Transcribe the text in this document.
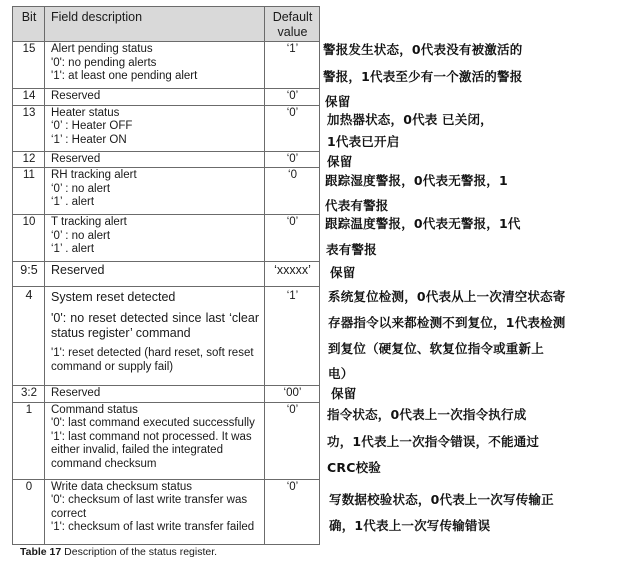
Bit	Field description	Default
value

15	Alert pending status
'0': no pending alerts
'1': at least one pending alert	‘1’
14	Reserved	‘0’
13	Heater status
‘0’ : Heater OFF
‘1’ : Heater ON	‘0’
12	Reserved	‘0’
11	RH tracking alert
‘0’ : no alert
‘1’ . alert	‘0
10	T tracking alert
‘0’ : no alert
‘1’ . alert	‘0’
9:5	Reserved	‘xxxxx’
4	System reset detected
'0': no reset detected since last ‘clear status register’ command
'1': reset detected (hard reset, soft reset command or supply fail)	‘1’
3:2	Reserved	‘00’
1	Command status
'0': last command executed successfully
'1': last command not processed. It was either invalid, failed the integrated command checksum	‘0’
0	Write data checksum status
'0': checksum of last write transfer was correct
'1': checksum of last write transfer failed	‘0’
Table 17 Description of the status register.
警报发生状态，0代表没有被激活的
警报，1代表至少有一个激活的警报
保留
加热器状态，0代表 已关闭，
1代表已开启
保留
跟踪湿度警报，0代表无警报，1
代表有警报
跟踪温度警报，0代表无警报，1代
表有警报
保留
系统复位检测，0代表从上一次清空状态寄
存器指令以来都检测不到复位，1代表检测
到复位（硬复位、软复位指令或重新上
电）
保留
指令状态，0代表上一次指令执行成
功，1代表上一次指令错误，不能通过
CRC校验
写数据校验状态，0代表上一次写传输正
确，1代表上一次写传输错误
